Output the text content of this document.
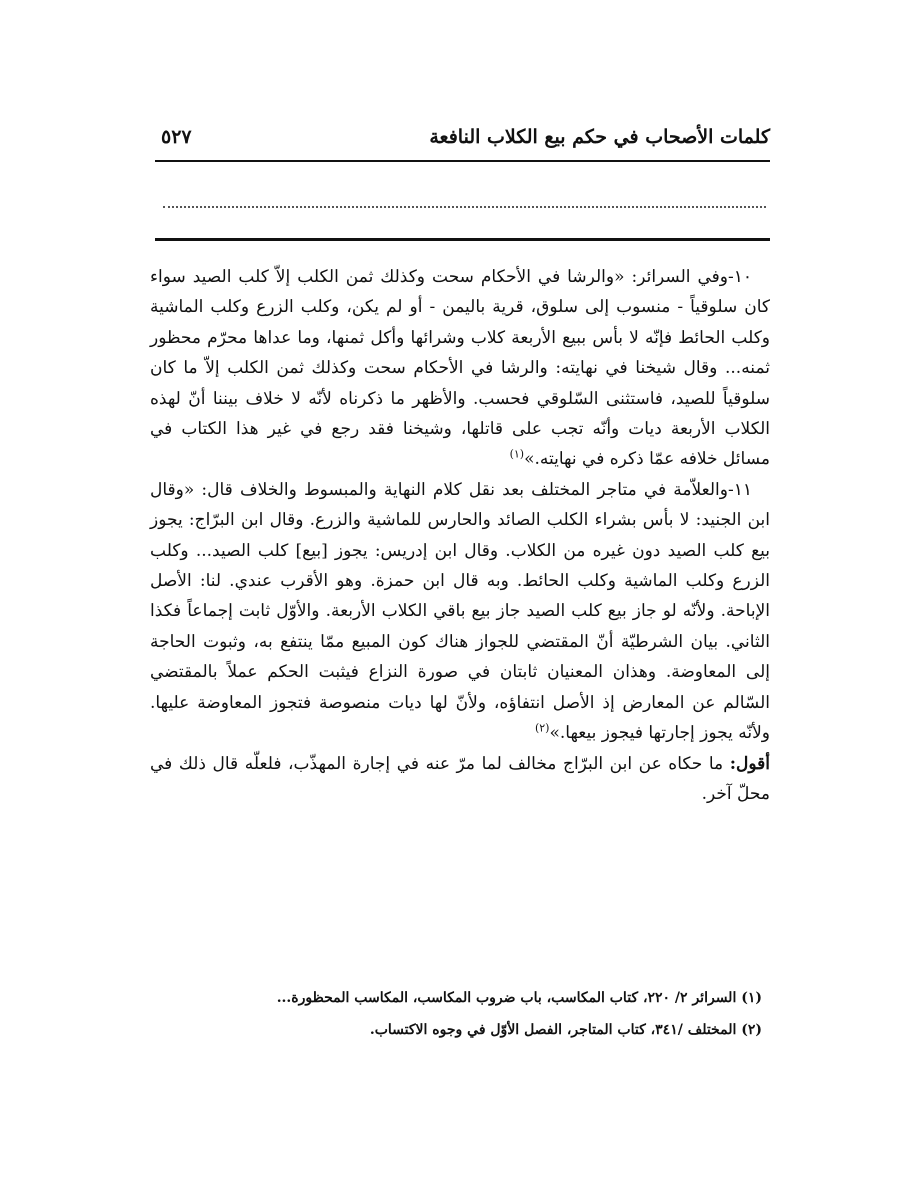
كلمات الأصحاب في حكم بيع الكلاب النافعة
٥٢٧

١٠-وفي السرائر: «والرشا في الأحكام سحت وكذلك ثمن الكلب إلاّ كلب الصيد سواء كان سلوقياً - منسوب إلى سلوق، قرية باليمن - أو لم يكن، وكلب الزرع وكلب الماشية وكلب الحائط فإنّه لا بأس ببيع الأربعة كلاب وشرائها وأكل ثمنها، وما عداها محرّم محظور ثمنه... وقال شيخنا في نهايته: والرشا في الأحكام سحت وكذلك ثمن الكلب إلاّ ما كان سلوقياً للصيد، فاستثنى السّلوقي فحسب. والأظهر ما ذكرناه لأنّه لا خلاف بيننا أنّ لهذه الكلاب الأربعة ديات وأنّه تجب على قاتلها، وشيخنا فقد رجع في غير هذا الكتاب في مسائل خلافه عمّا ذكره في نهايته.»$^{(١)}$

١١-والعلاّمة في متاجر المختلف بعد نقل كلام النهاية والمبسوط والخلاف قال: «وقال ابن الجنيد: لا بأس بشراء الكلب الصائد والحارس للماشية والزرع. وقال ابن البرّاج: يجوز بيع كلب الصيد دون غيره من الكلاب. وقال ابن إدريس: يجوز [بيع] كلب الصيد... وكلب الزرع وكلب الماشية وكلب الحائط. وبه قال ابن حمزة. وهو الأقرب عندي. لنا: الأصل الإباحة. ولأنّه لو جاز بيع كلب الصيد جاز بيع باقي الكلاب الأربعة. والأوّل ثابت إجماعاً فكذا الثاني. بيان الشرطيّة أنّ المقتضي للجواز هناك كون المبيع ممّا ينتفع به، وثبوت الحاجة إلى المعاوضة. وهذان المعنيان ثابتان في صورة النزاع فيثبت الحكم عملاً بالمقتضي السّالم عن المعارض إذ الأصل انتفاؤه، ولأنّ لها ديات منصوصة فتجوز المعاوضة عليها. ولأنّه يجوز إجارتها فيجوز بيعها.»$^{(٢)}$

أقول: ما حكاه عن ابن البرّاج مخالف لما مرّ عنه في إجارة المهذّب، فلعلّه قال ذلك في محلّ آخر.

(١) السرائر ٢/ ٢٢٠، كتاب المكاسب، باب ضروب المكاسب، المكاسب المحظورة...

(٢) المختلف /٣٤١، كتاب المتاجر، الفصل الأوّل في وجوه الاكتساب.
